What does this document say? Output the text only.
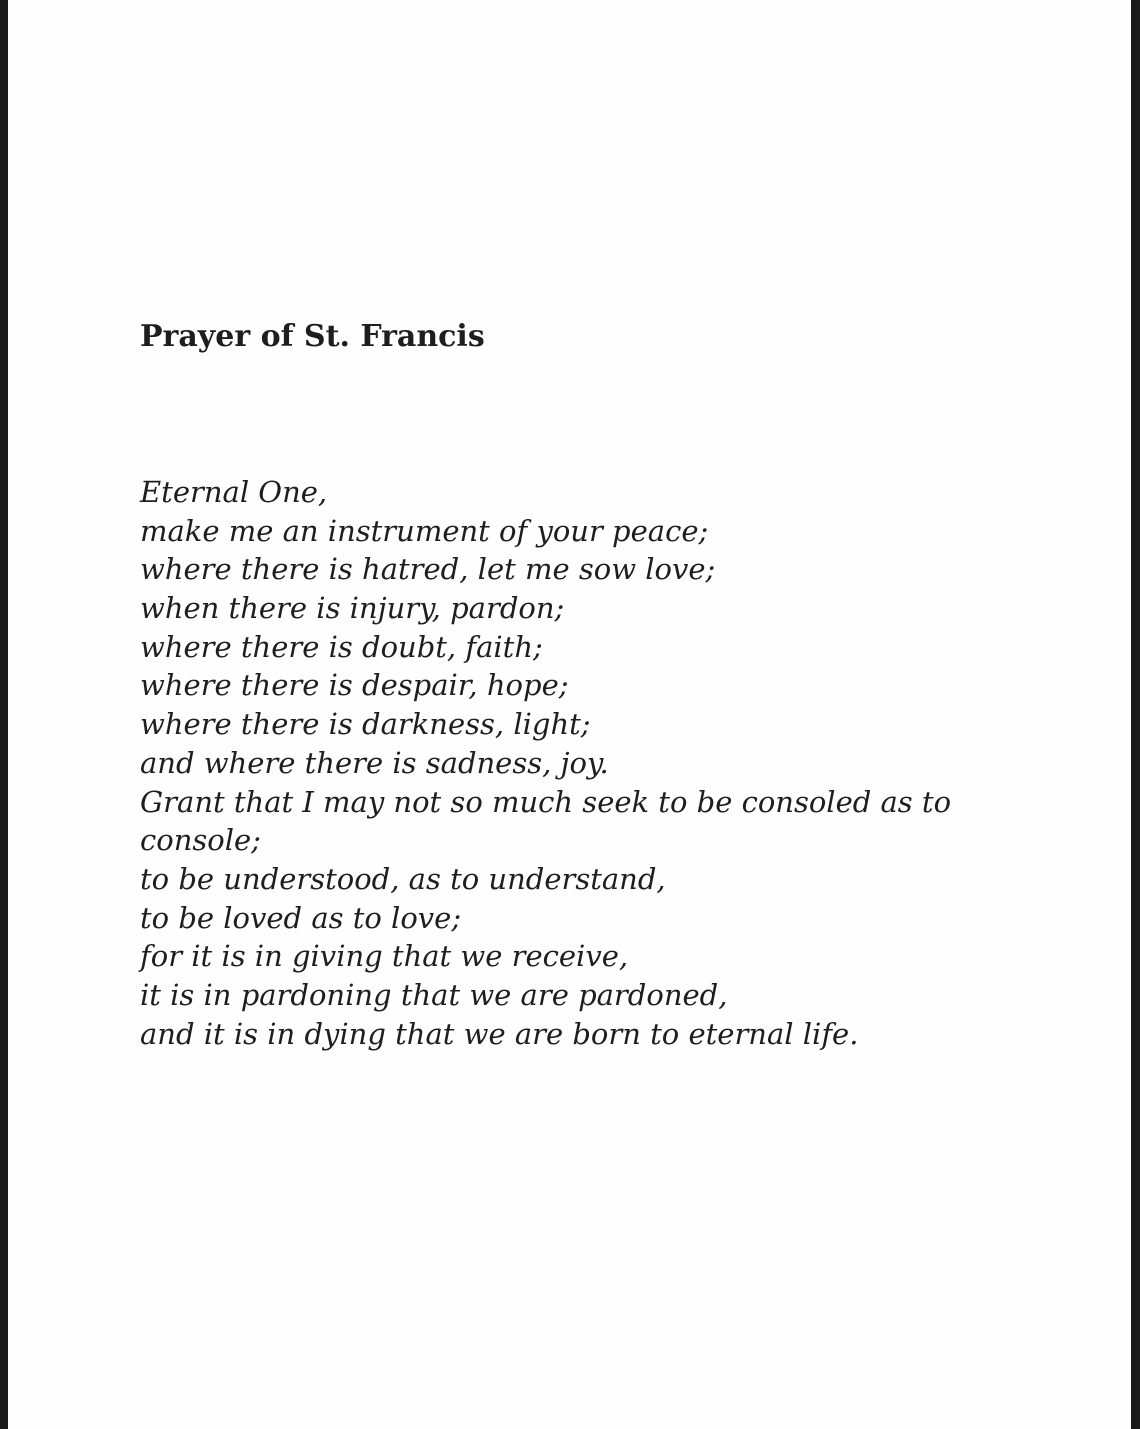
Prayer of St. Francis
Eternal One,
make me an instrument of your peace;
where there is hatred, let me sow love;
when there is injury, pardon;
where there is doubt, faith;
where there is despair, hope;
where there is darkness, light;
and where there is sadness, joy.
Grant that I may not so much seek to be consoled as to
console;
to be understood, as to understand,
to be loved as to love;
for it is in giving that we receive,
it is in pardoning that we are pardoned,
and it is in dying that we are born to eternal life.
